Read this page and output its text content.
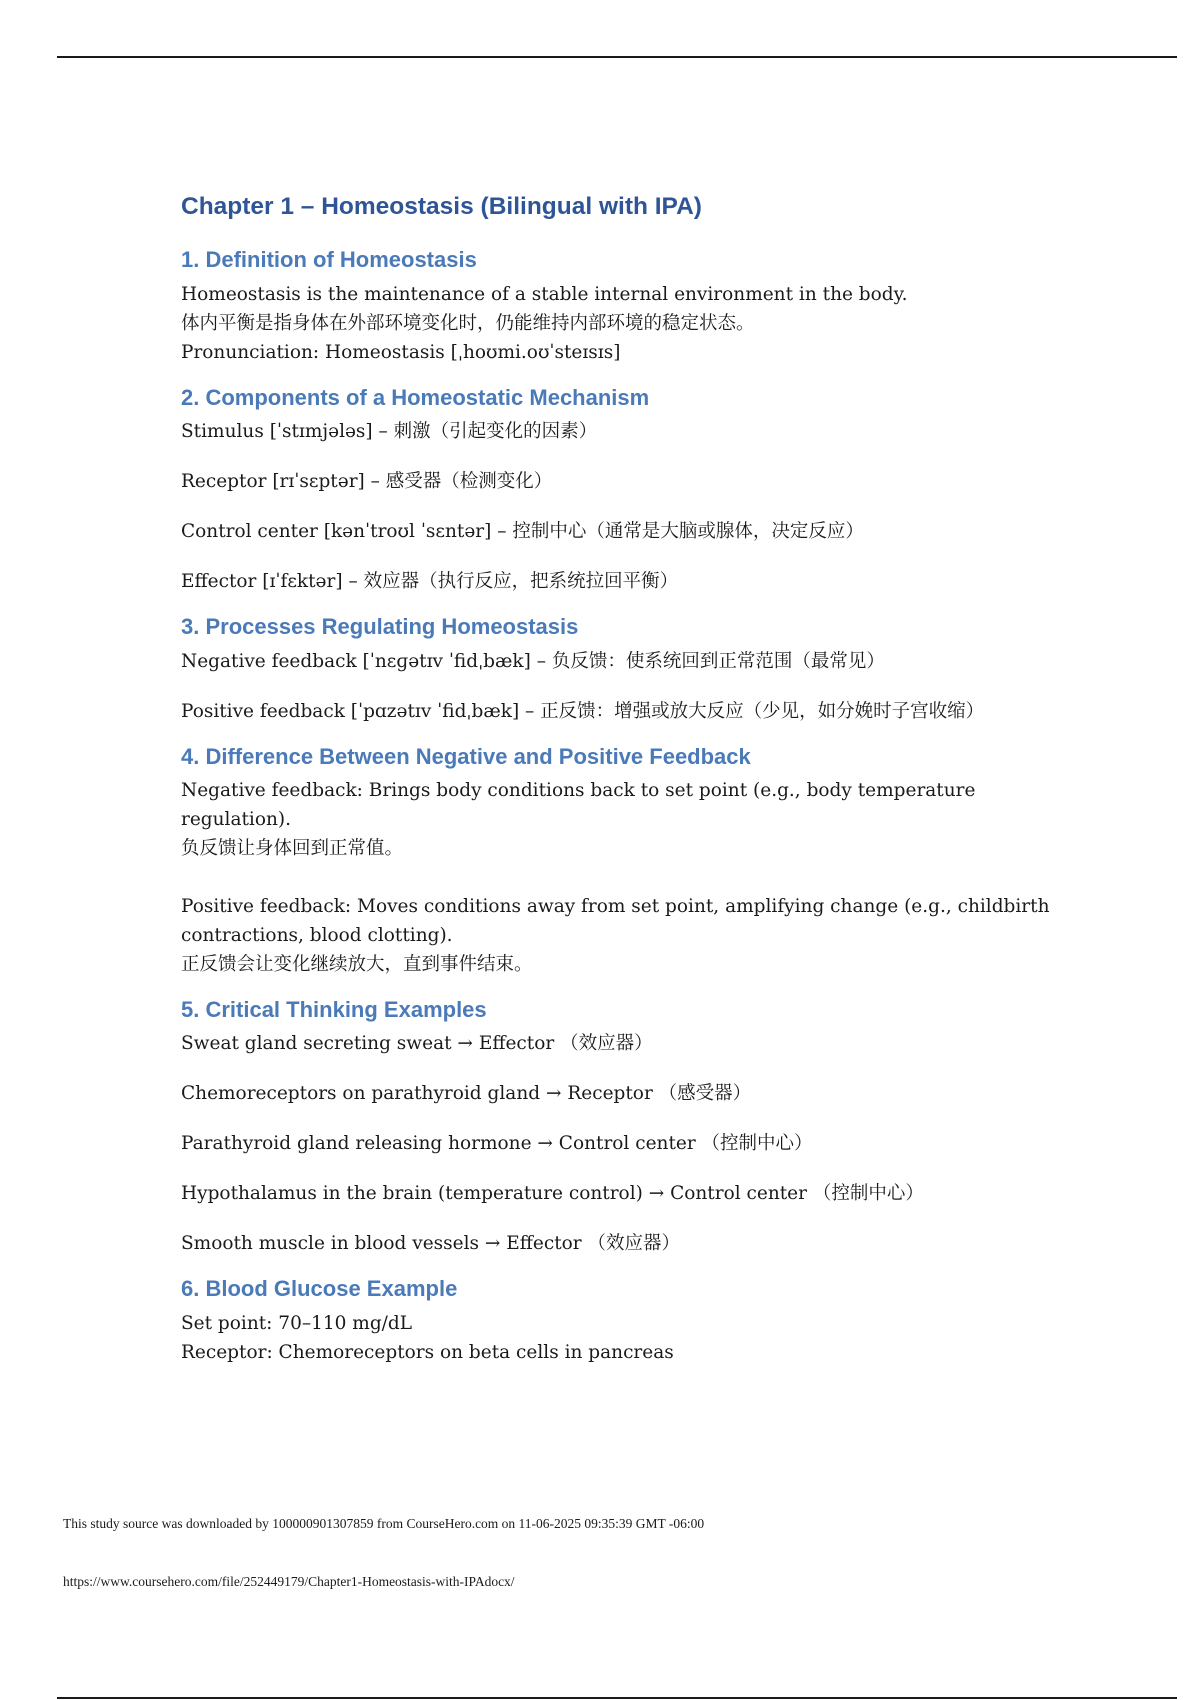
Chapter 1 – Homeostasis (Bilingual with IPA)
1. Definition of Homeostasis

Homeostasis is the maintenance of a stable internal environment in the body.

体内平衡是指身体在外部环境变化时，仍能维持内部环境的稳定状态。

Pronunciation: Homeostasis [ˌhoʊmi.oʊˈsteɪsɪs]

2. Components of a Homeostatic Mechanism

Stimulus [ˈstɪmjələs] – 刺激（引起变化的因素）

Receptor [rɪˈsɛptər] – 感受器（检测变化）

Control center [kənˈtroʊl ˈsɛntər] – 控制中心（通常是大脑或腺体，决定反应）

Effector [ɪˈfɛktər] – 效应器（执行反应，把系统拉回平衡）

3. Processes Regulating Homeostasis

Negative feedback [ˈnɛɡətɪv ˈfidˌbæk] – 负反馈：使系统回到正常范围（最常见）

Positive feedback [ˈpɑzətɪv ˈfidˌbæk] – 正反馈：增强或放大反应（少见，如分娩时子宫收缩）

4. Difference Between Negative and Positive Feedback

Negative feedback: Brings body conditions back to set point (e.g., body temperature regulation).

负反馈让身体回到正常值。

Positive feedback: Moves conditions away from set point, amplifying change (e.g., childbirth contractions, blood clotting).

正反馈会让变化继续放大，直到事件结束。

5. Critical Thinking Examples

Sweat gland secreting sweat → Effector （效应器）

Chemoreceptors on parathyroid gland → Receptor （感受器）

Parathyroid gland releasing hormone → Control center （控制中心）

Hypothalamus in the brain (temperature control) → Control center （控制中心）

Smooth muscle in blood vessels → Effector （效应器）

6. Blood Glucose Example

Set point: 70–110 mg/dL

Receptor: Chemoreceptors on beta cells in pancreas

This study source was downloaded by 100000901307859 from CourseHero.com on 11-06-2025 09:35:39 GMT -06:00
https://www.coursehero.com/file/252449179/Chapter1-Homeostasis-with-IPAdocx/
